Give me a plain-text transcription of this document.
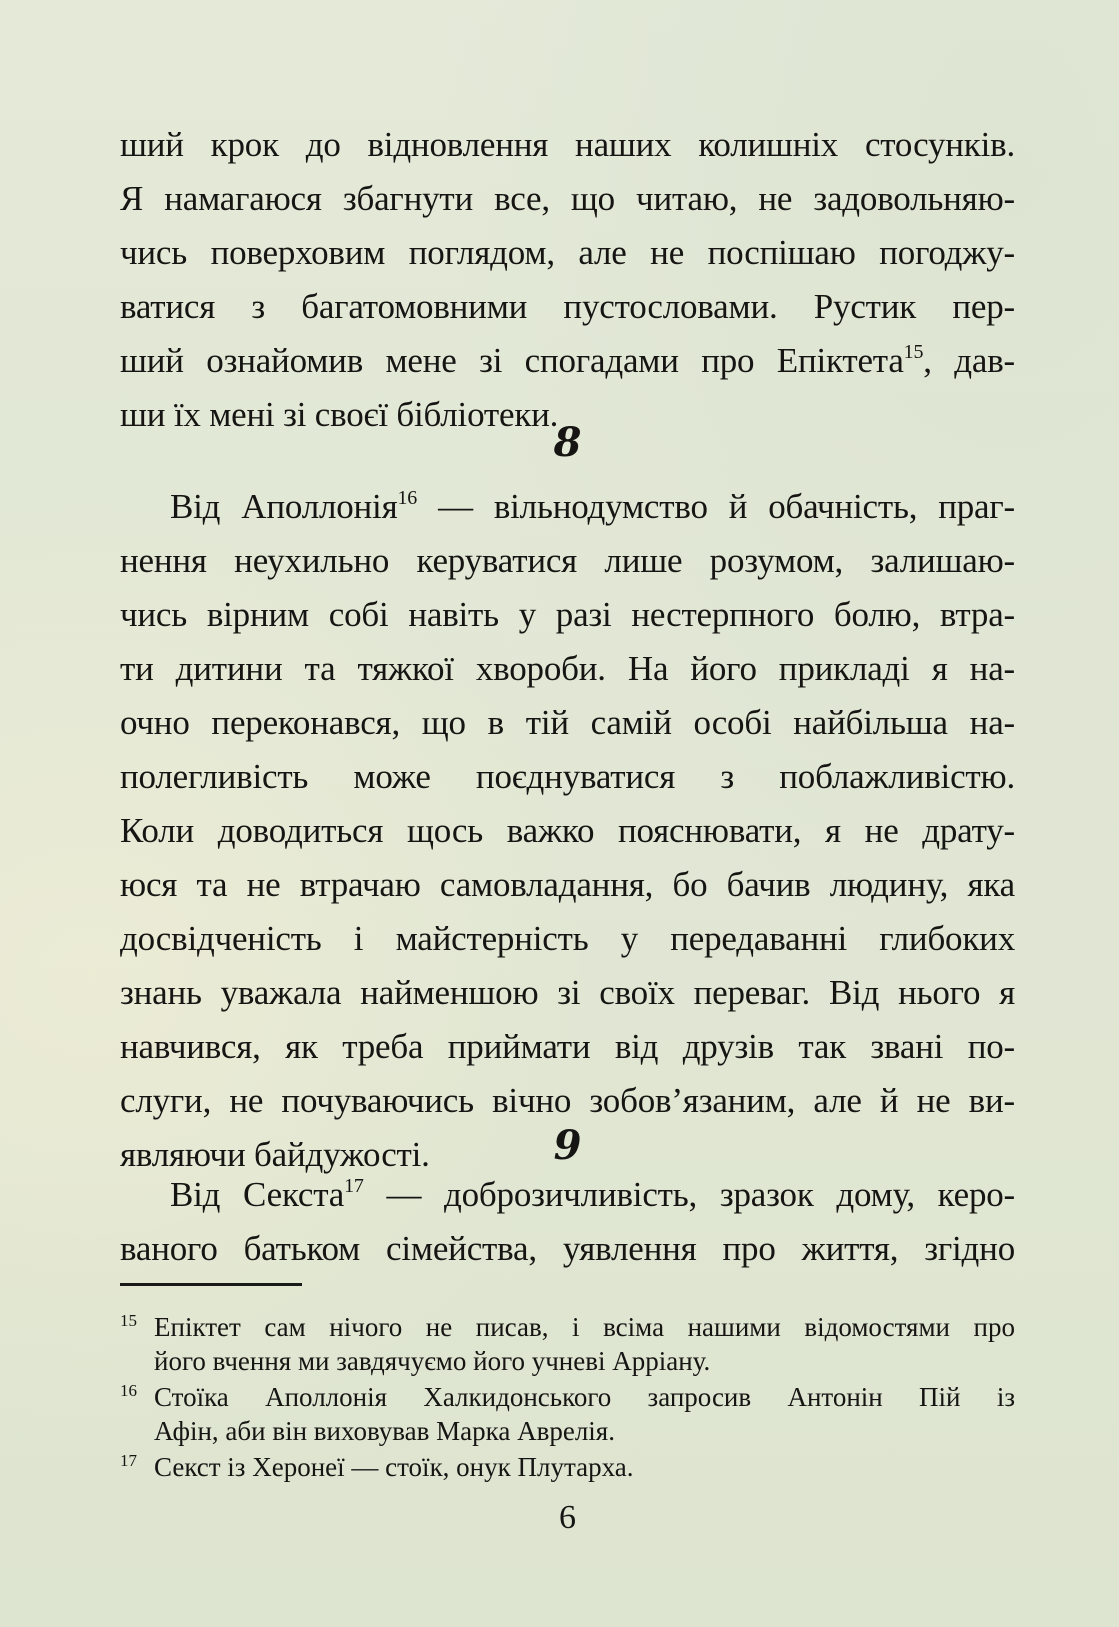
ший крок до відновлення наших колишніх стосунків.
Я намагаюся збагнути все, що читаю, не задовольняю-
чись поверховим поглядом, але не поспішаю погоджу-
ватися з багатомовними пустословами. Рустик пер-
ший ознайомив мене зі спогадами про Епіктета$^{15}$, дав-
ши їх мені зі своєї бібліотеки.
8
Від Аполлонія$^{16}$ — вільнодумство й обачність, праг-
нення неухильно керуватися лише розумом, залишаю-
чись вірним собі навіть у разі нестерпного болю, втра-
ти дитини та тяжкої хвороби. На його прикладі я на-
очно переконався, що в тій самій особі найбільша на-
полегливість може поєднуватися з поблажливістю.
Коли доводиться щось важко пояснювати, я не драту-
юся та не втрачаю самовладання, бо бачив людину, яка
досвідченість і майстерність у передаванні глибоких
знань уважала найменшою зі своїх переваг. Від нього я
навчився, як треба приймати від друзів так звані по-
слуги, не почуваючись вічно зобов’язаним, але й не ви-
являючи байдужості.	9
Від Секста$^{17}$ — доброзичливість, зразок дому, керо-
ваного батьком сімейства, уявлення про життя, згідно
15 Епіктет сам нічого не писав, і всіма нашими відомостями про
його вчення ми завдячуємо його учневі Арріану.
16 Стоїка Аполлонія Халкидонського запросив Антонін Пій із
Афін, аби він виховував Марка Аврелія.
17 Секст із Херонеї — стоїк, онук Плутарха.
6
